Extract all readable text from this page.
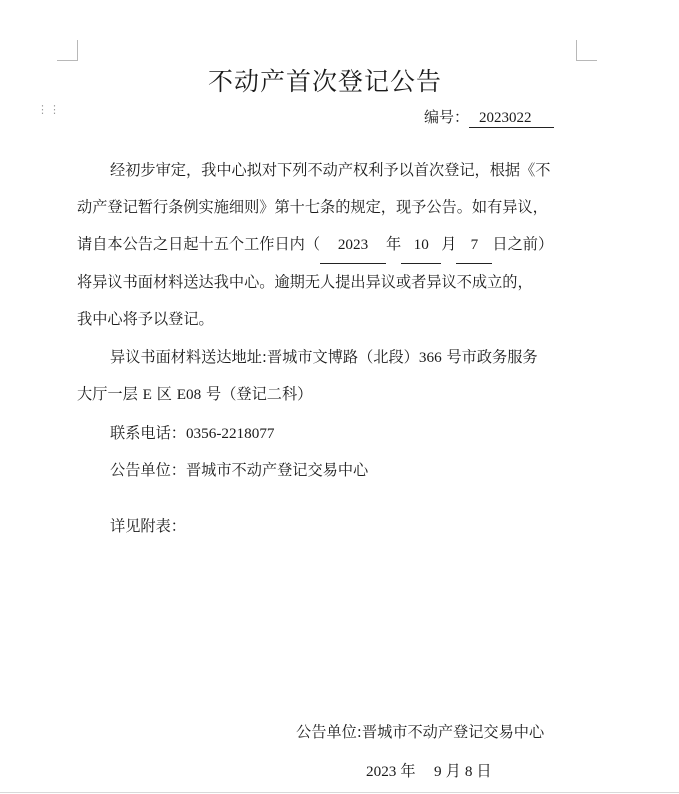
⋮⋮
不动产首次登记公告
编号： 2023022
经初步审定，我中心拟对下列不动产权利予以首次登记，根据《不
动产登记暂行条例实施细则》第十七条的规定，现予公告。如有异议，
请自本公告之日起十五个工作日内（ 2023 年 10 月 7 日之前）
将异议书面材料送达我中心。逾期无人提出异议或者异议不成立的，
我中心将予以登记。
异议书面材料送达地址:晋城市文博路（北段）366 号市政务服务
大厅一层 E 区 E08 号（登记二科）
联系电话：0356-2218077
公告单位：晋城市不动产登记交易中心
详见附表：
公告单位:晋城市不动产登记交易中心
2023 年 9 月 8 日
